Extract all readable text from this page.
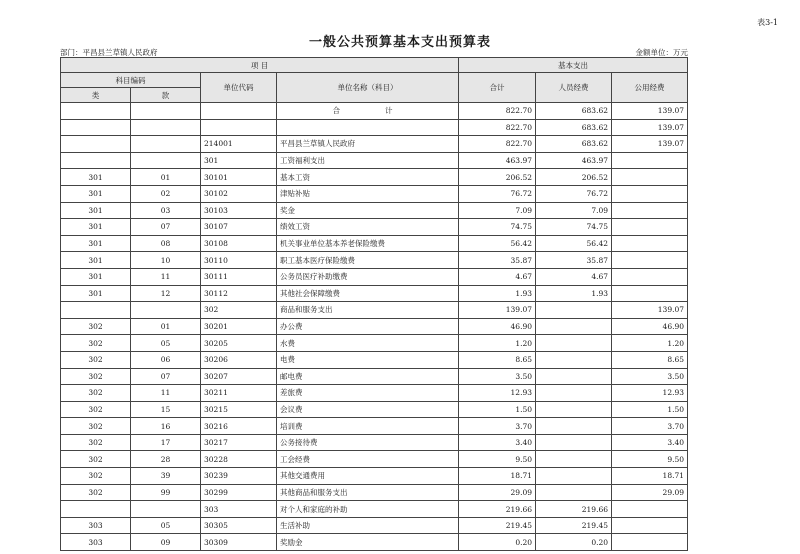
表3-1
一般公共预算基本支出预算表
部门：平昌县兰草镇人民政府	金额单位：万元
项 目				基本支出		
科目编码		单位代码	单位名称（科目）	合计	人员经费	公用经费
类	款					
			合　　计	822.70	683.62	139.07
				822.70	683.62	139.07
		214001	平昌县兰草镇人民政府	822.70	683.62	139.07
		301	工资福利支出	463.97	463.97	
301	01	30101	基本工资	206.52	206.52	
301	02	30102	津贴补贴	76.72	76.72	
301	03	30103	奖金	7.09	7.09	
301	07	30107	绩效工资	74.75	74.75	
301	08	30108	机关事业单位基本养老保险缴费	56.42	56.42	
301	10	30110	职工基本医疗保险缴费	35.87	35.87	
301	11	30111	公务员医疗补助缴费	4.67	4.67	
301	12	30112	其他社会保障缴费	1.93	1.93	
		302	商品和服务支出	139.07		139.07
302	01	30201	办公费	46.90		46.90
302	05	30205	水费	1.20		1.20
302	06	30206	电费	8.65		8.65
302	07	30207	邮电费	3.50		3.50
302	11	30211	差旅费	12.93		12.93
302	15	30215	会议费	1.50		1.50
302	16	30216	培训费	3.70		3.70
302	17	30217	公务接待费	3.40		3.40
302	28	30228	工会经费	9.50		9.50
302	39	30239	其他交通费用	18.71		18.71
302	99	30299	其他商品和服务支出	29.09		29.09
		303	对个人和家庭的补助	219.66	219.66	
303	05	30305	生活补助	219.45	219.45	
303	09	30309	奖励金	0.20	0.20	
